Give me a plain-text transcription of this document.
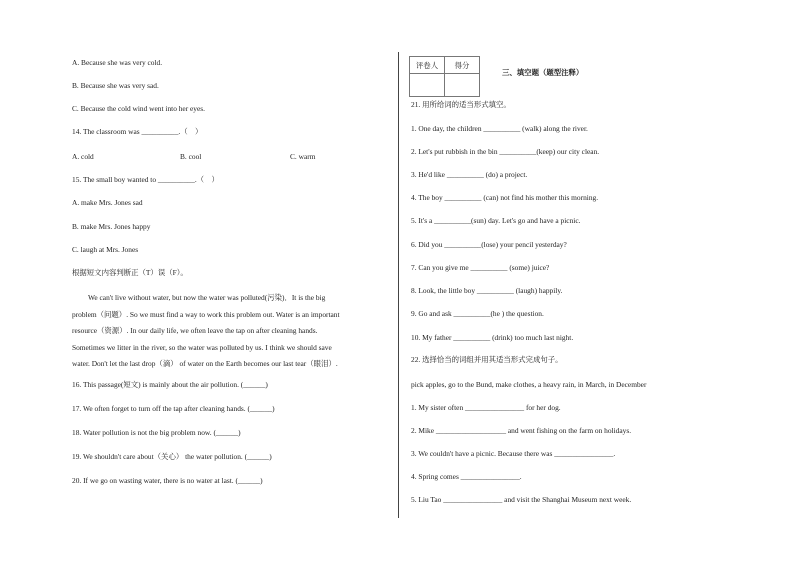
A. Because she was very cold.
B. Because she was very sad.
C. Because the cold wind went into her eyes.
14. The classroom was __________.（　）
A. cold	B. cool	C. warm
15. The small boy wanted to __________.（　）
A. make Mrs. Jones sad
B. make Mrs. Jones happy
C. laugh at Mrs. Jones
根据短文内容判断正（T）误（F）。
We can't live without water, but now the water was polluted(污染)．It is the big
problem（问题）. So we must find a way to work this problem out. Water is an important
resource（资源）. In our daily life, we often leave the tap on after cleaning hands.
Sometimes we litter in the river, so the water was polluted by us. I think we should save
water. Don't let the last drop（滴） of water on the Earth becomes our last tear（眼泪）.
16. This passage(短文) is mainly about the air pollution. (______)
17. We often forget to turn off the tap after cleaning hands. (______)
18. Water pollution is not the big problem now. (______)
19. We shouldn't care about（关心） the water pollution. (______)
20. If we go on wasting water, there is no water at last. (______)
评卷人	得分

三、填空题（题型注释）
21. 用所给词的适当形式填空。
1. One day, the children __________ (walk) along the river.
2. Let's put rubbish in the bin __________(keep) our city clean.
3. He'd like __________ (do) a project.
4. The boy __________ (can) not find his mother this morning.
5. It's a __________(sun) day. Let's go and have a picnic.
6. Did you __________(lose) your pencil yesterday?
7. Can you give me __________ (some) juice?
8. Look, the little boy __________ (laugh) happily.
9. Go and ask __________(he ) the question.
10. My father __________ (drink) too much last night.
22. 选择恰当的词组并用其适当形式完成句子。
pick apples, go to the Bund, make clothes, a heavy rain, in March, in December
1. My sister often ________________ for her dog.
2. Mike ___________________ and went fishing on the farm on holidays.
3. We couldn't have a picnic. Because there was ________________.
4. Spring comes ________________.
5. Liu Tao ________________ and visit the Shanghai Museum next week.
